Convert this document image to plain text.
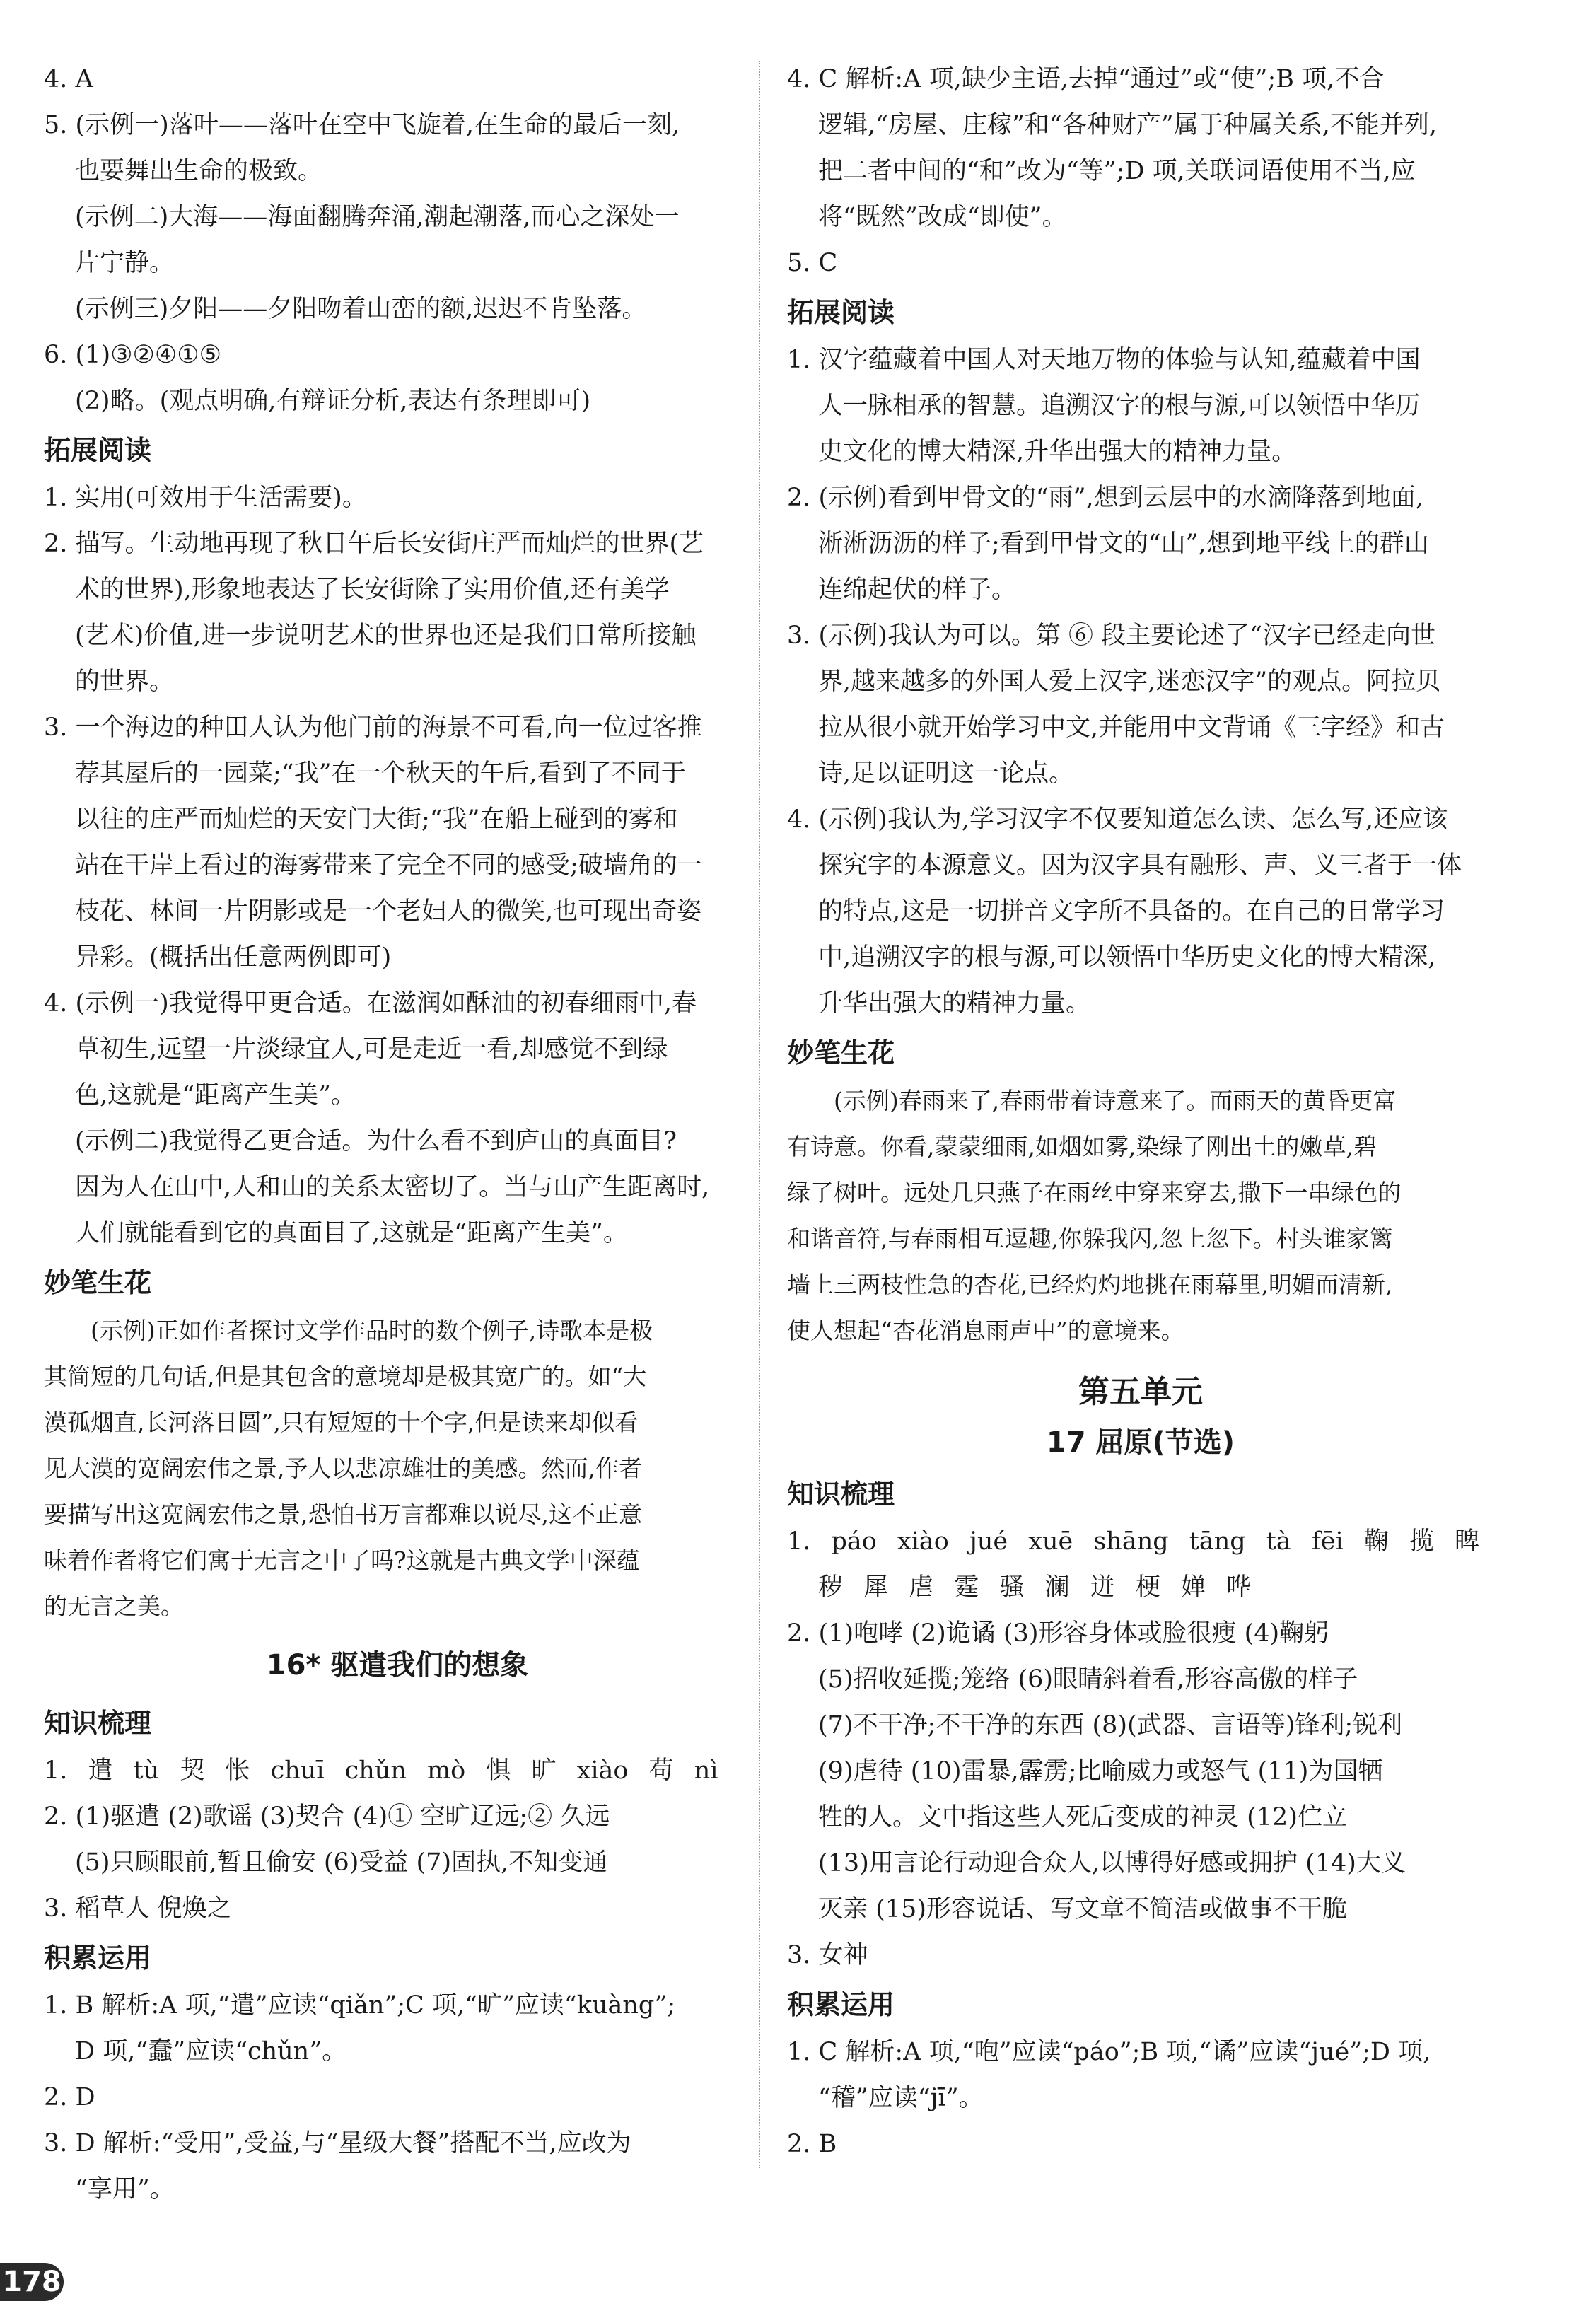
4. A

5. (示例一)落叶——落叶在空中飞旋着,在生命的最后一刻,

也要舞出生命的极致。

(示例二)大海——海面翻腾奔涌,潮起潮落,而心之深处一

片宁静。

(示例三)夕阳——夕阳吻着山峦的额,迟迟不肯坠落。

6. (1)③②④①⑤

(2)略。(观点明确,有辩证分析,表达有条理即可)

拓展阅读

1. 实用(可效用于生活需要)。

2. 描写。生动地再现了秋日午后长安街庄严而灿烂的世界(艺

术的世界),形象地表达了长安街除了实用价值,还有美学

(艺术)价值,进一步说明艺术的世界也还是我们日常所接触

的世界。

3. 一个海边的种田人认为他门前的海景不可看,向一位过客推

荐其屋后的一园菜;“我”在一个秋天的午后,看到了不同于

以往的庄严而灿烂的天安门大街;“我”在船上碰到的雾和

站在干岸上看过的海雾带来了完全不同的感受;破墙角的一

枝花、林间一片阴影或是一个老妇人的微笑,也可现出奇姿

异彩。(概括出任意两例即可)

4. (示例一)我觉得甲更合适。在滋润如酥油的初春细雨中,春

草初生,远望一片淡绿宜人,可是走近一看,却感觉不到绿

色,这就是“距离产生美”。

(示例二)我觉得乙更合适。为什么看不到庐山的真面目?

因为人在山中,人和山的关系太密切了。当与山产生距离时,

人们就能看到它的真面目了,这就是“距离产生美”。

妙笔生花

(示例)正如作者探讨文学作品时的数个例子,诗歌本是极

其简短的几句话,但是其包含的意境却是极其宽广的。如“大

漠孤烟直,长河落日圆”,只有短短的十个字,但是读来却似看

见大漠的宽阔宏伟之景,予人以悲凉雄壮的美感。然而,作者

要描写出这宽阔宏伟之景,恐怕书万言都难以说尽,这不正意

味着作者将它们寓于无言之中了吗?这就是古典文学中深蕴

的无言之美。

16* 驱遣我们的想象
知识梳理

1. 遣 tù 契 怅 chuī chǔn mò 惧 旷 xiào 苟 nì

2. (1)驱遣 (2)歌谣 (3)契合 (4)① 空旷辽远;② 久远

(5)只顾眼前,暂且偷安 (6)受益 (7)固执,不知变通

3. 稻草人 倪焕之

积累运用

1. B 解析:A 项,“遣”应读“qiǎn”;C 项,“旷”应读“kuàng”;

D 项,“蠢”应读“chǔn”。

2. D

3. D 解析:“受用”,受益,与“星级大餐”搭配不当,应改为

“享用”。

4. C 解析:A 项,缺少主语,去掉“通过”或“使”;B 项,不合

逻辑,“房屋、庄稼”和“各种财产”属于种属关系,不能并列,

把二者中间的“和”改为“等”;D 项,关联词语使用不当,应

将“既然”改成“即使”。

5. C

拓展阅读

1. 汉字蕴藏着中国人对天地万物的体验与认知,蕴藏着中国

人一脉相承的智慧。追溯汉字的根与源,可以领悟中华历

史文化的博大精深,升华出强大的精神力量。

2. (示例)看到甲骨文的“雨”,想到云层中的水滴降落到地面,

淅淅沥沥的样子;看到甲骨文的“山”,想到地平线上的群山

连绵起伏的样子。

3. (示例)我认为可以。第 ⑥ 段主要论述了“汉字已经走向世

界,越来越多的外国人爱上汉字,迷恋汉字”的观点。阿拉贝

拉从很小就开始学习中文,并能用中文背诵《三字经》和古

诗,足以证明这一论点。

4. (示例)我认为,学习汉字不仅要知道怎么读、怎么写,还应该

探究字的本源意义。因为汉字具有融形、声、义三者于一体

的特点,这是一切拼音文字所不具备的。在自己的日常学习

中,追溯汉字的根与源,可以领悟中华历史文化的博大精深,

升华出强大的精神力量。

妙笔生花

(示例)春雨来了,春雨带着诗意来了。而雨天的黄昏更富

有诗意。你看,蒙蒙细雨,如烟如雾,染绿了刚出土的嫩草,碧

绿了树叶。远处几只燕子在雨丝中穿来穿去,撒下一串绿色的

和谐音符,与春雨相互逗趣,你躲我闪,忽上忽下。村头谁家篱

墙上三两枝性急的杏花,已经灼灼地挑在雨幕里,明媚而清新,

使人想起“杏花消息雨声中”的意境来。

第五单元
17 屈原(节选)
知识梳理

1. páo xiào jué xuē shāng tāng tà fēi 鞠 揽 睥

秽 犀 虐 霆 骚 澜 迸 梗 婵 哗

2. (1)咆哮 (2)诡谲 (3)形容身体或脸很瘦 (4)鞠躬

(5)招收延揽;笼络 (6)眼睛斜着看,形容高傲的样子

(7)不干净;不干净的东西 (8)(武器、言语等)锋利;锐利

(9)虐待 (10)雷暴,霹雳;比喻威力或怒气 (11)为国牺

牲的人。文中指这些人死后变成的神灵 (12)伫立

(13)用言论行动迎合众人,以博得好感或拥护 (14)大义

灭亲 (15)形容说话、写文章不简洁或做事不干脆

3. 女神

积累运用

1. C 解析:A 项,“咆”应读“páo”;B 项,“谲”应读“jué”;D 项,

“稽”应读“jī”。

2. B

178
